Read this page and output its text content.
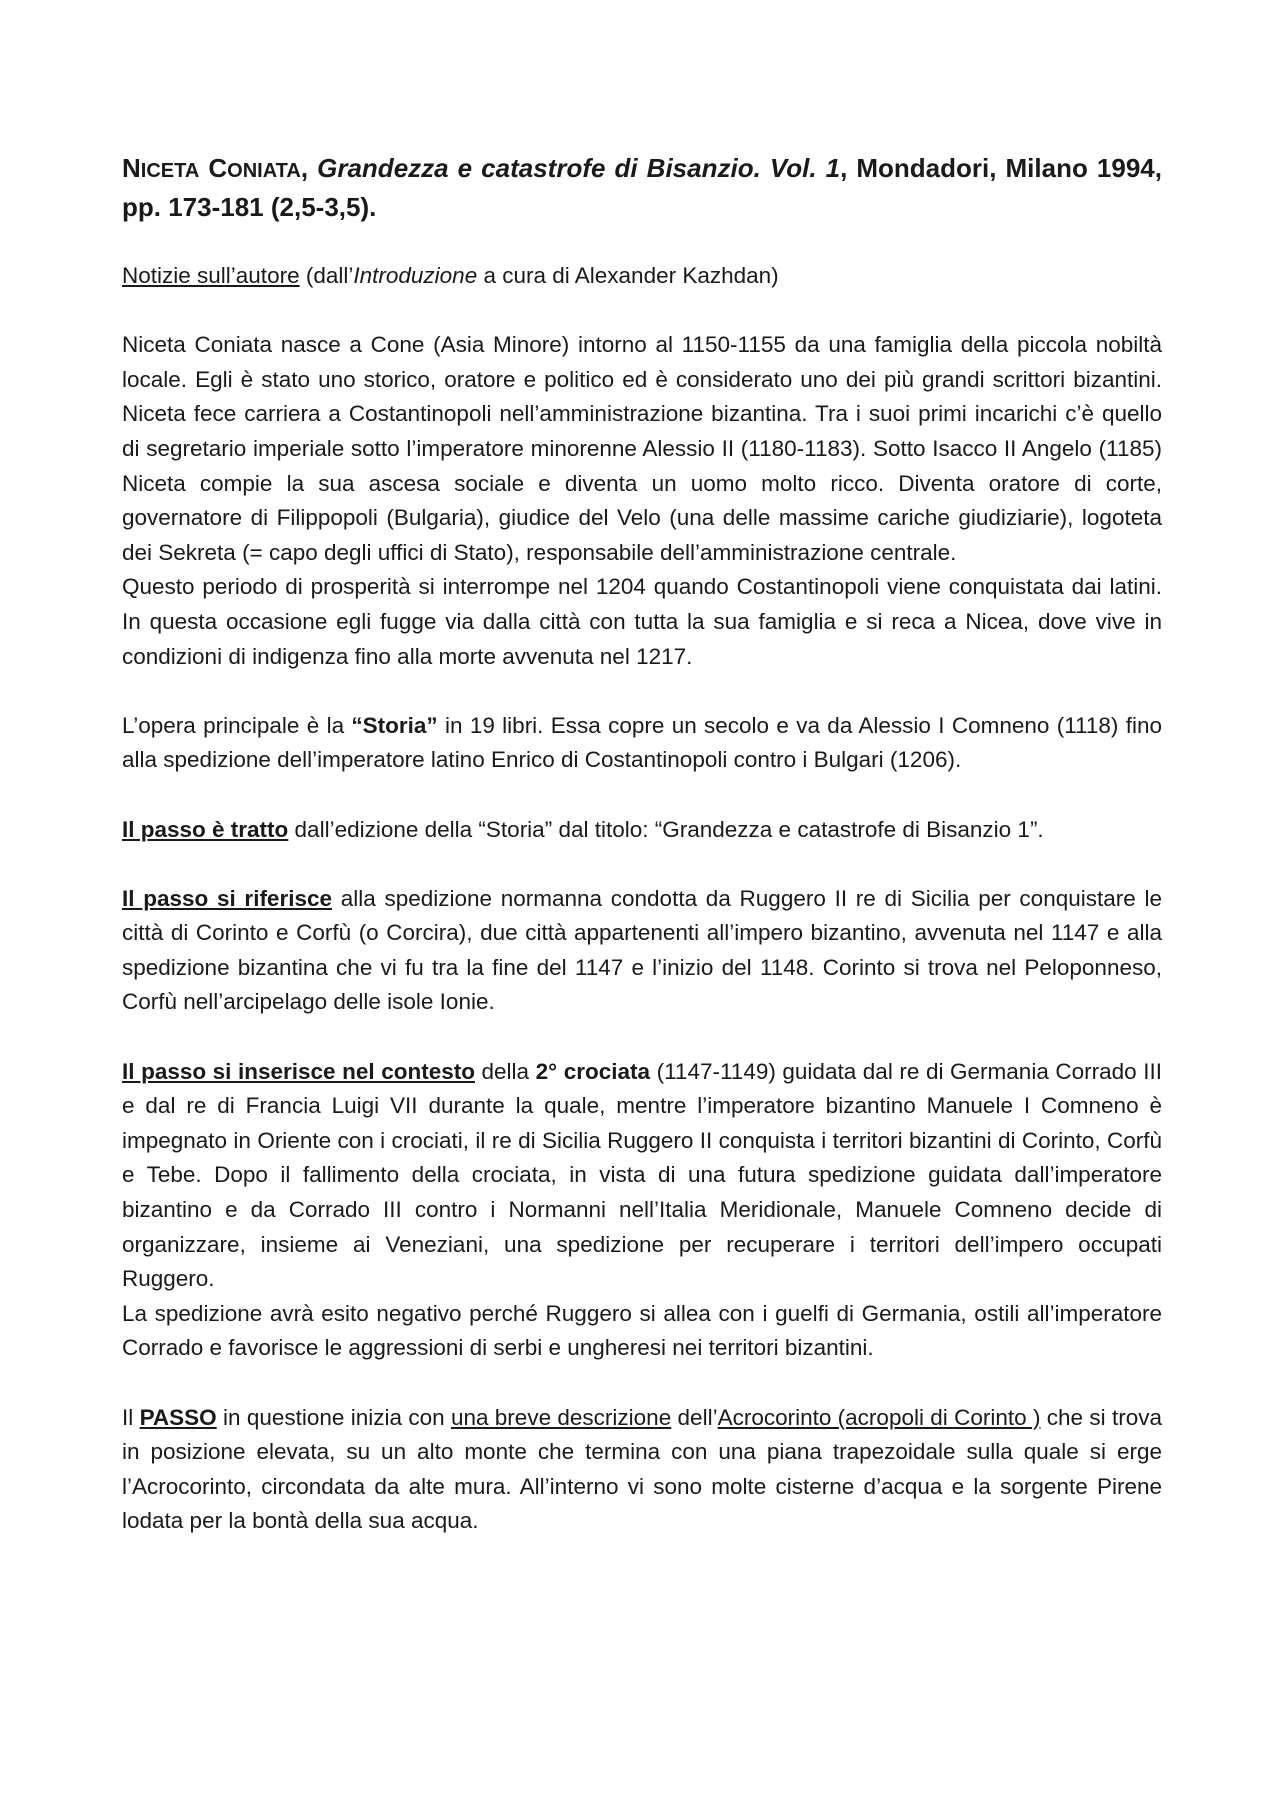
NICETA CONIATA, Grandezza e catastrofe di Bisanzio. Vol. 1, Mondadori, Milano 1994, pp. 173-181 (2,5-3,5).

Notizie sull’autore (dall’Introduzione a cura di Alexander Kazhdan)

Niceta Coniata nasce a Cone (Asia Minore) intorno al 1150-1155 da una famiglia della piccola nobiltà locale. Egli è stato uno storico, oratore e politico ed è considerato uno dei più grandi scrittori bizantini. Niceta fece carriera a Costantinopoli nell’amministrazione bizantina. Tra i suoi primi incarichi c’è quello di segretario imperiale sotto l’imperatore minorenne Alessio II (1180-1183). Sotto Isacco II Angelo (1185) Niceta compie la sua ascesa sociale e diventa un uomo molto ricco. Diventa oratore di corte, governatore di Filippopoli (Bulgaria), giudice del Velo (una delle massime cariche giudiziarie), logoteta dei Sekreta (= capo degli uffici di Stato), responsabile dell’amministrazione centrale.

Questo periodo di prosperità si interrompe nel 1204 quando Costantinopoli viene conquistata dai latini. In questa occasione egli fugge via dalla città con tutta la sua famiglia e si reca a Nicea, dove vive in condizioni di indigenza fino alla morte avvenuta nel 1217.

L’opera principale è la “Storia” in 19 libri. Essa copre un secolo e va da Alessio I Comneno (1118) fino alla spedizione dell’imperatore latino Enrico di Costantinopoli contro i Bulgari (1206).

Il passo è tratto dall’edizione della “Storia” dal titolo: “Grandezza e catastrofe di Bisanzio 1”.

Il passo si riferisce alla spedizione normanna condotta da Ruggero II re di Sicilia per conquistare le città di Corinto e Corfù (o Corcira), due città appartenenti all’impero bizantino, avvenuta nel 1147 e alla spedizione bizantina che vi fu tra la fine del 1147 e l’inizio del 1148. Corinto si trova nel Peloponneso, Corfù nell’arcipelago delle isole Ionie.

Il passo si inserisce nel contesto della 2° crociata (1147-1149) guidata dal re di Germania Corrado III e dal re di Francia Luigi VII durante la quale, mentre l’imperatore bizantino Manuele I Comneno è impegnato in Oriente con i crociati, il re di Sicilia Ruggero II conquista i territori bizantini di Corinto, Corfù e Tebe. Dopo il fallimento della crociata, in vista di una futura spedizione guidata dall’imperatore bizantino e da Corrado III contro i Normanni nell’Italia Meridionale, Manuele Comneno decide di organizzare, insieme ai Veneziani, una spedizione per recuperare i territori dell’impero occupati Ruggero.

La spedizione avrà esito negativo perché Ruggero si allea con i guelfi di Germania, ostili all’imperatore Corrado e favorisce le aggressioni di serbi e ungheresi nei territori bizantini.

Il PASSO in questione inizia con una breve descrizione dell’Acrocorinto (acropoli di Corinto ) che si trova in posizione elevata, su un alto monte che termina con una piana trapezoidale sulla quale si erge l’Acrocorinto, circondata da alte mura. All’interno vi sono molte cisterne d’acqua e la sorgente Pirene lodata per la bontà della sua acqua.
